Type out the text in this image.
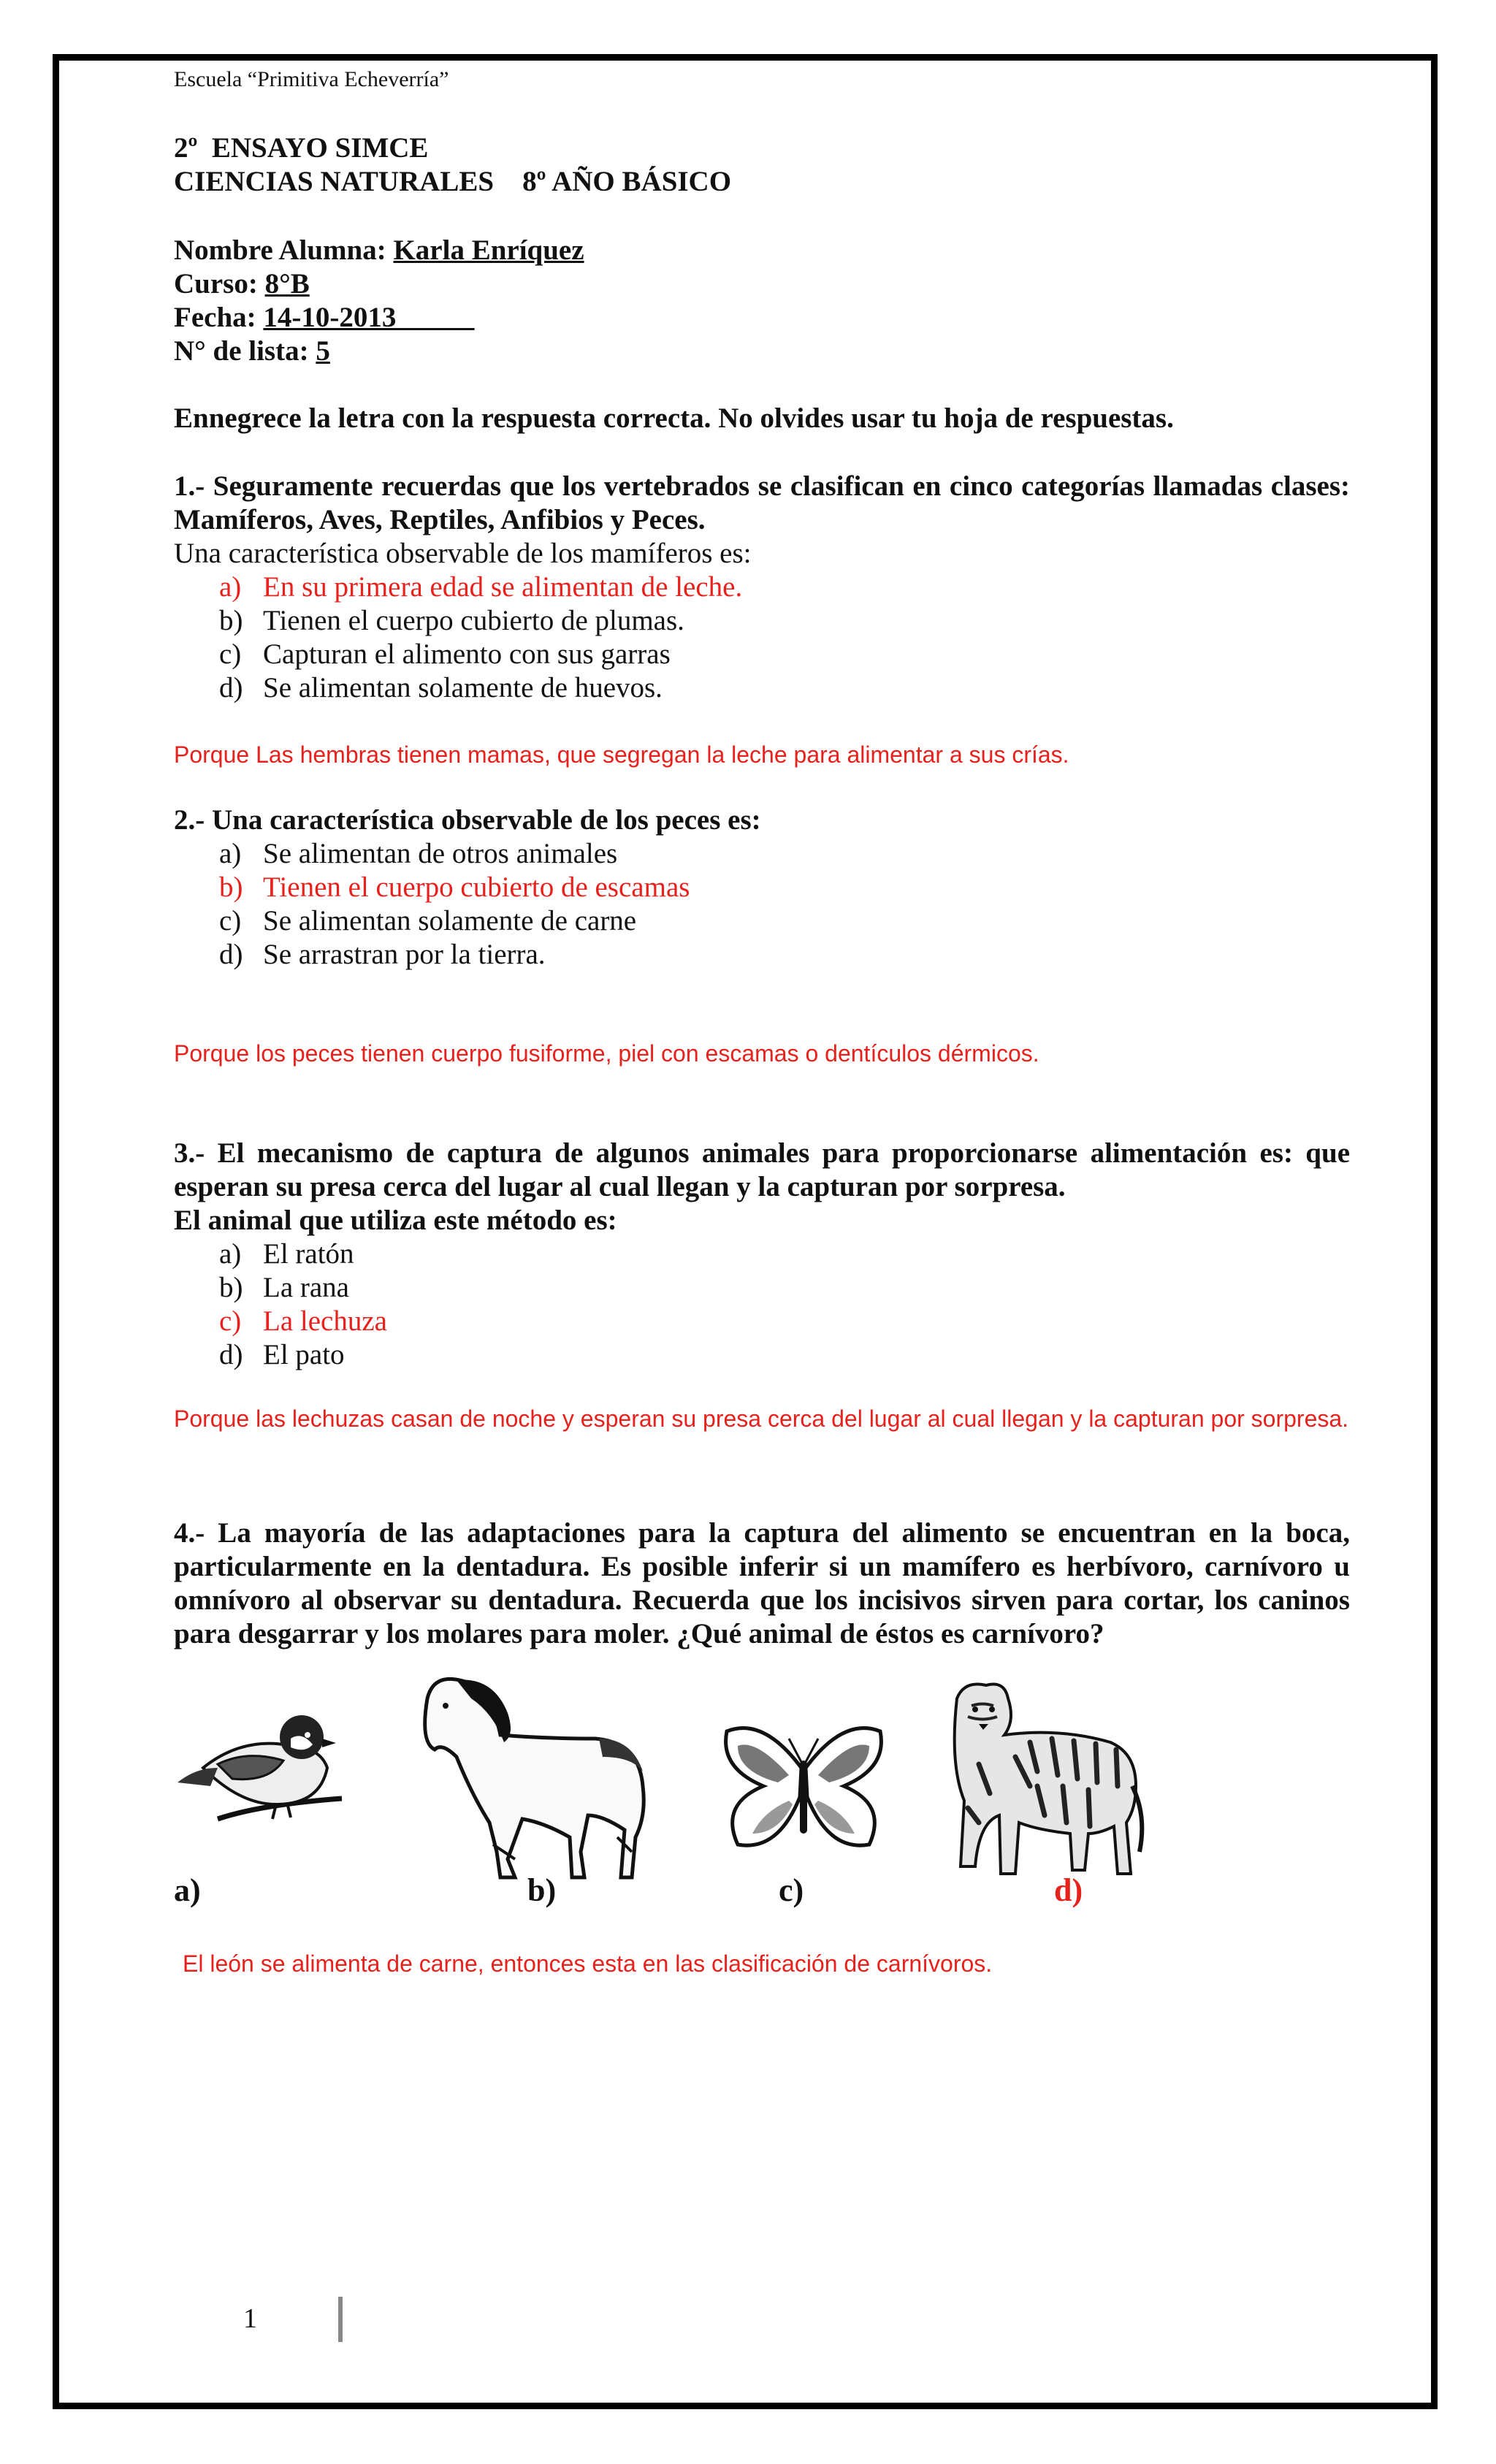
Escuela “Primitiva Echeverría”
2º  ENSAYO SIMCE
CIENCIAS NATURALES 8º AÑO BÁSICO
Nombre Alumna: Karla Enríquez
Curso: 8°B
Fecha: 14-10-2013
N° de lista: 5
Ennegrece la letra con la respuesta correcta. No olvides usar tu hoja de respuestas.
1.- Seguramente recuerdas que los vertebrados se clasifican en cinco categorías llamadas clases: Mamíferos, Aves, Reptiles, Anfibios y Peces.
Una característica observable de los mamíferos es:
a) En su primera edad se alimentan de leche.
b) Tienen el cuerpo cubierto de plumas.
c) Capturan el alimento con sus garras
d) Se alimentan solamente de huevos.
Porque Las hembras tienen mamas, que segregan la leche para alimentar a sus crías.
2.- Una característica observable de los peces es:
a) Se alimentan de otros animales
b) Tienen el cuerpo cubierto de escamas
c) Se alimentan solamente de carne
d) Se arrastran por la tierra.
Porque los peces tienen cuerpo fusiforme, piel con escamas o dentículos dérmicos.
3.- El mecanismo de captura de algunos animales para proporcionarse alimentación es: que esperan su presa cerca del lugar al cual llegan y la capturan por sorpresa.
El animal que utiliza este método es:
a) El ratón
b) La rana
c) La lechuza
d) El pato
Porque las lechuzas casan de noche y esperan su presa cerca del lugar al cual llegan y la capturan por sorpresa.
4.- La mayoría de las adaptaciones para la captura del alimento se encuentran en la boca, particularmente en la dentadura. Es posible inferir si un mamífero es herbívoro, carnívoro u omnívoro al observar su dentadura. Recuerda que los incisivos sirven para cortar, los caninos para desgarrar y los molares para moler. ¿Qué animal de éstos es carnívoro?
a)	b)	c)	d)
El león se alimenta de carne, entonces esta en las clasificación de carnívoros.
1
